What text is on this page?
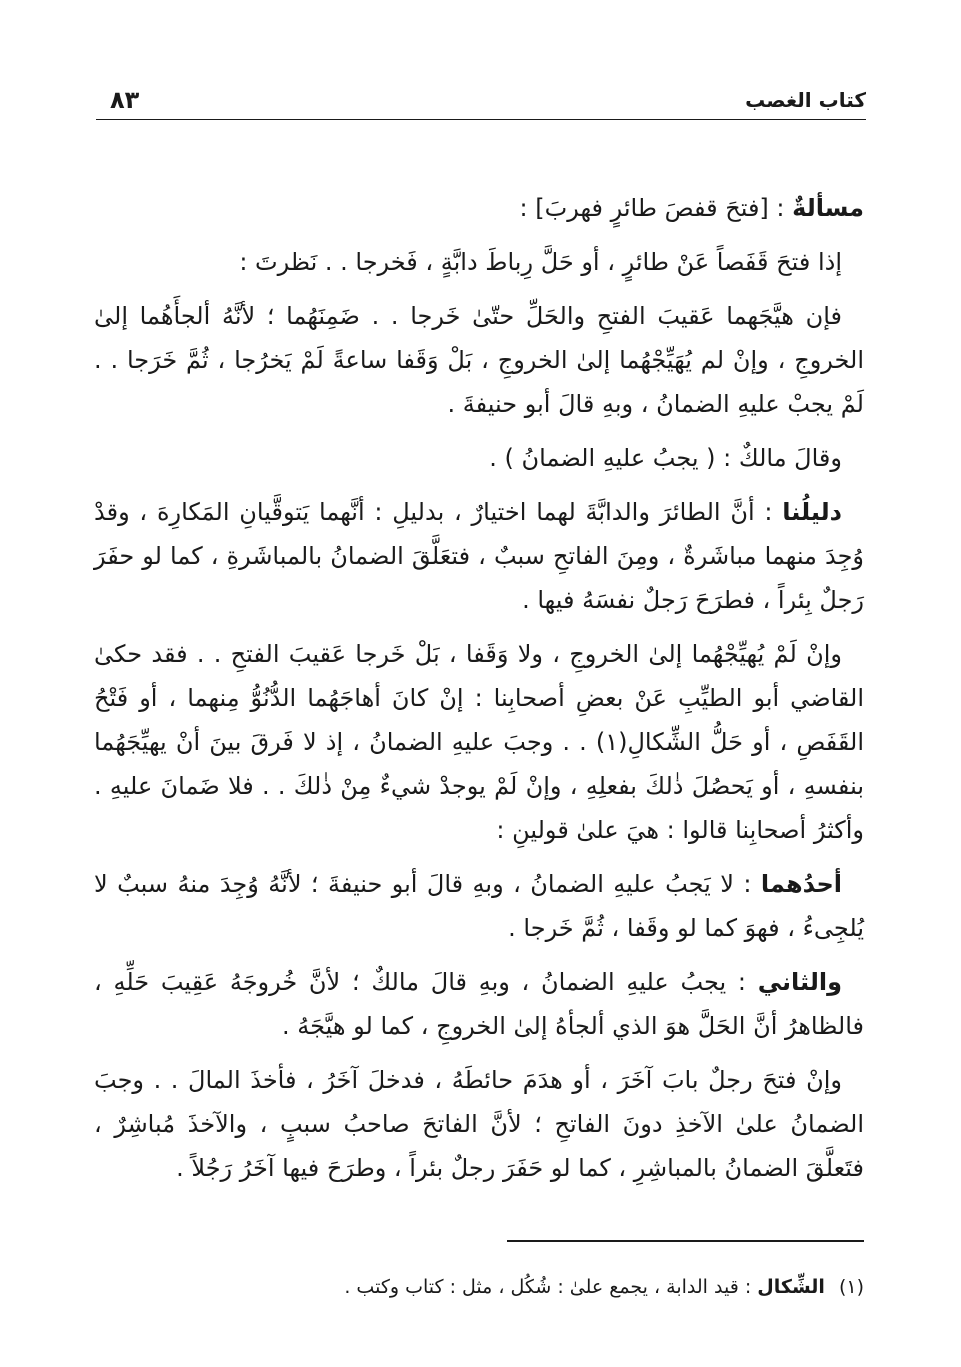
كتاب الغصب
٨٣

مسألةٌ : [فتحَ قفصَ طائرٍ فهربَ] :

إذا فتحَ قَفَصاً عَنْ طائرٍ ، أو حَلَّ رِباطَ دابَّةٍ ، فَخرجا . . نَظرتَ :

فإن هيَّجَهما عَقيبَ الفتحِ والحَلِّ حتّىٰ خَرجا . . ضَمِنَهُما ؛ لأنَّهُ ألجأَهُما إلىٰ الخروجِ ، وإنْ لم يُهَيِّجْهُما إلىٰ الخروجِ ، بَلْ وَقَفا ساعةً لَمْ يَخرُجا ، ثُمَّ خَرَجا . . لَمْ يجبْ عليهِ الضمانُ ، وبهِ قالَ أبو حنيفةَ .

وقالَ مالكٌ : ( يجبُ عليهِ الضمانُ ) .

دليلُنا : أنَّ الطائرَ والدابَّةَ لهما اختيارٌ ، بدليلِ : أنَّهما يَتوقَّيانِ المَكارِهَ ، وقدْ وُجِدَ منهما مباشَرةٌ ، ومِنَ الفاتحِ سببٌ ، فتعَلَّقَ الضمانُ بالمباشَرةِ ، كما لو حفَرَ رَجلٌ بِئراً ، فطرَحَ رَجلٌ نفسَهُ فيها .

وإنْ لَمْ يُهيِّجْهُما إلىٰ الخروجِ ، ولا وَقَفا ، بَلْ خَرجا عَقيبَ الفتحِ . . فقد حكىٰ القاضي أبو الطيِّبِ عَنْ بعضِ أصحابِنا : إنْ كانَ أهاجَهُما الدُّنُوُّ مِنهما ، أو فَتْحُ القَفَصِ ، أو حَلُّ الشِّكالِ(١) . . وجبَ عليهِ الضمانُ ، إذ لا فَرقَ بينَ أنْ يهيِّجَهُما بنفسهِ ، أو يَحصُلَ ذٰلكَ بفعلِهِ ، وإنْ لَمْ يوجدْ شيءٌ مِنْ ذٰلكَ . . فلا ضَمانَ عليهِ . وأكثرُ أصحابِنا قالوا : هيَ علىٰ قولينِ :

أحدُهما : لا يَجبُ عليهِ الضمانُ ، وبهِ قالَ أبو حنيفةَ ؛ لأنَّهُ وُجِدَ منهُ سببٌ لا يُلجِىءُ ، فهوَ كما لو وقَفا ، ثُمَّ خَرجا .

والثاني : يجبُ عليهِ الضمانُ ، وبهِ قالَ مالكٌ ؛ لأنَّ خُروجَهُ عَقِيبَ حَلِّهِ ، فالظاهرُ أنَّ الحَلَّ هوَ الذي ألجأهُ إلىٰ الخروجِ ، كما لو هيَّجَهُ .

وإنْ فتحَ رجلٌ بابَ آخَرَ ، أو هدَمَ حائطَهُ ، فدخلَ آخَرُ ، فأخذَ المالَ . . وجبَ الضمانُ علىٰ الآخذِ دونَ الفاتحِ ؛ لأنَّ الفاتحَ صاحبُ سببٍ ، والآخذَ مُباشِرٌ ، فتَعلَّقَ الضمانُ بالمباشِرِ ، كما لو حَفَرَ رجلٌ بئراً ، وطرَحَ فيها آخَرُ رَجُلاً .

(١)الشِّكال : قيد الدابة ، يجمع علىٰ : شُكُل ، مثل : كتاب وكتب .
